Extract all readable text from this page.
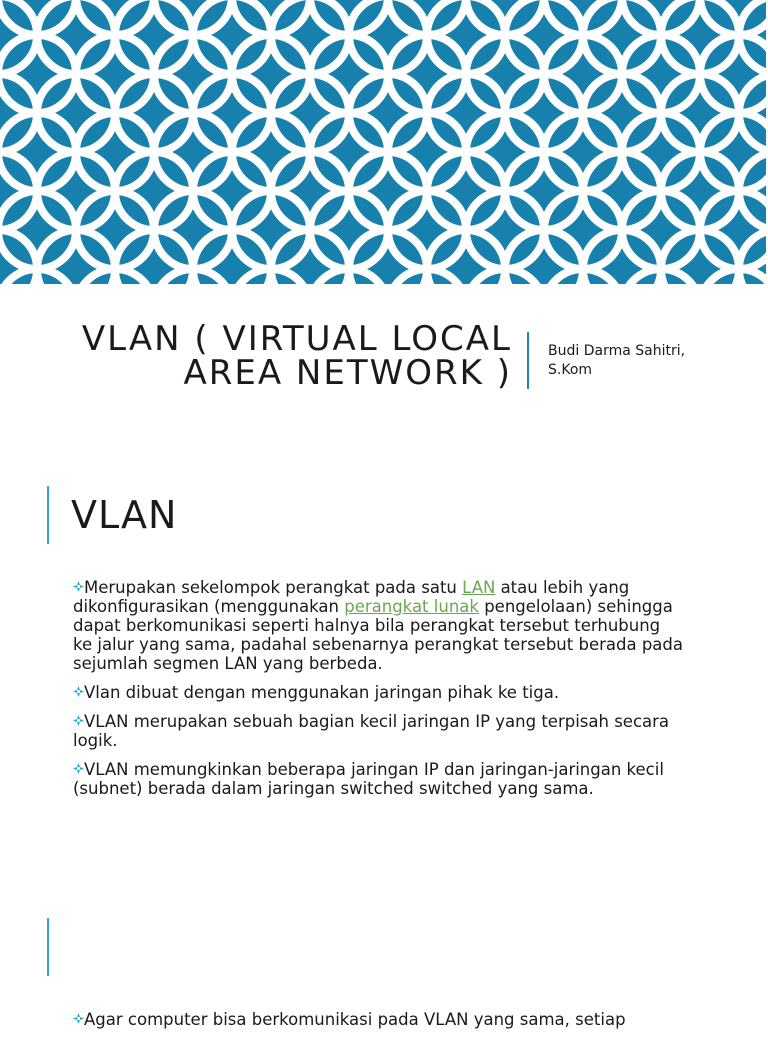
VLAN ( VIRTUAL LOCAL
AREA NETWORK )
Budi Darma Sahitri,
S.Kom
VLAN
Merupakan sekelompok perangkat pada satu LAN atau lebih yang dikonfigurasikan (menggunakan perangkat lunak pengelolaan) sehingga dapat berkomunikasi seperti halnya bila perangkat tersebut terhubung ke jalur yang sama, padahal sebenarnya perangkat tersebut berada pada sejumlah segmen LAN yang berbeda.
Vlan dibuat dengan menggunakan jaringan pihak ke tiga.
VLAN merupakan sebuah bagian kecil jaringan IP yang terpisah secara logik.
VLAN memungkinkan beberapa jaringan IP dan jaringan-jaringan kecil (subnet) berada dalam jaringan switched switched yang sama.
Agar computer bisa berkomunikasi pada VLAN yang sama, setiap
